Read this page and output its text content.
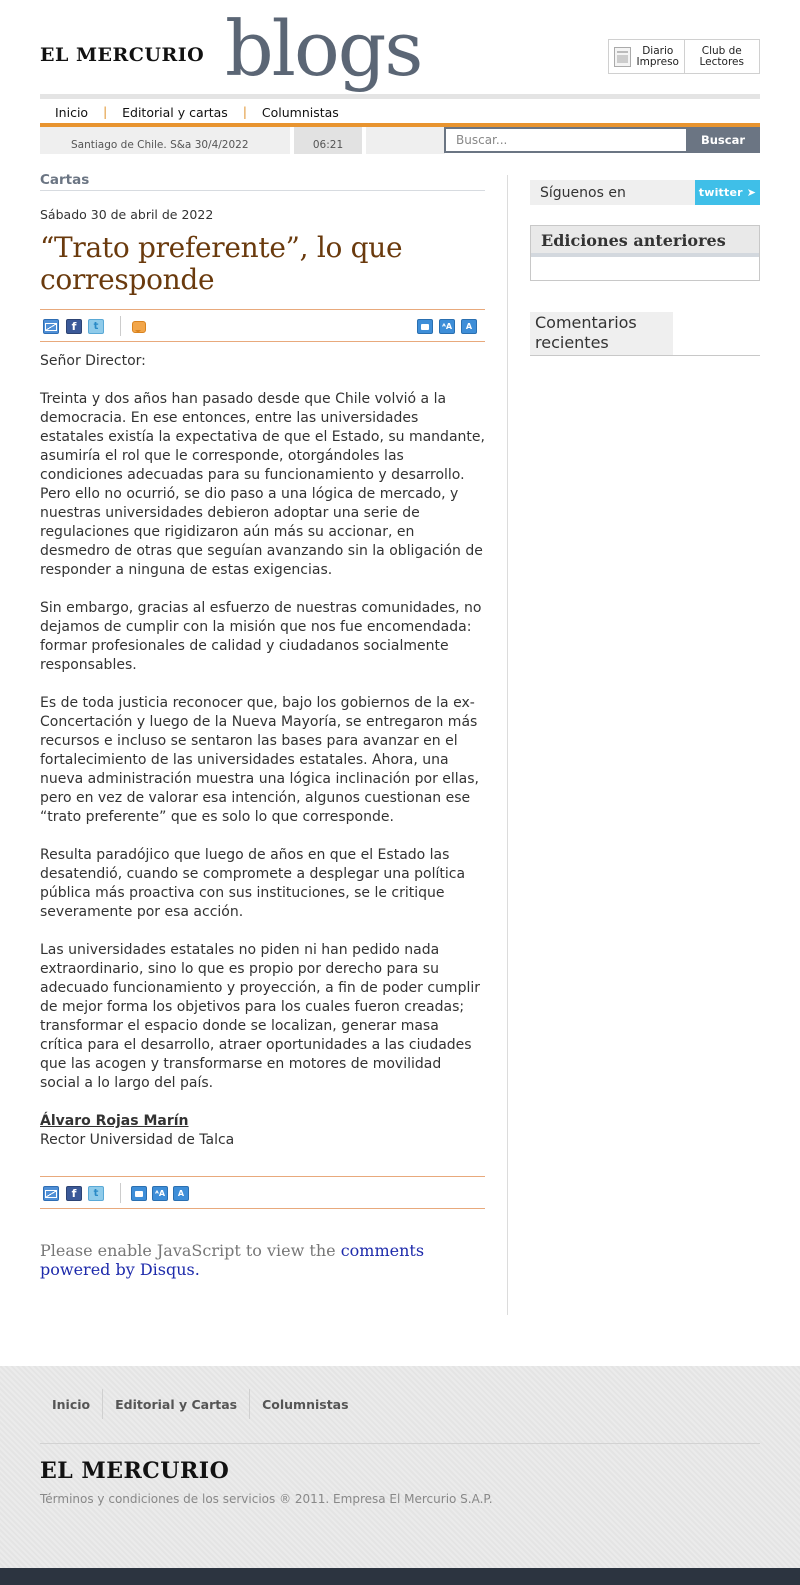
EL MERCURIO blogs	Diario
Impreso
Club de
Lectores
Inicio	|	Editorial y cartas	|	Columnistas
Santiago de Chile. S&a 30/4/2022	06:21
Buscar...	Buscar
Cartas
Sábado 30 de abril de 2022
“Trato preferente”, lo que corresponde
f	t	ᴬA	A

Señor Director:

Treinta y dos años han pasado desde que Chile volvió a la democracia. En ese entonces, entre las universidades estatales existía la expectativa de que el Estado, su mandante, asumiría el rol que le corresponde, otorgándoles las condiciones adecuadas para su funcionamiento y desarrollo. Pero ello no ocurrió, se dio paso a una lógica de mercado, y nuestras universidades debieron adoptar una serie de regulaciones que rigidizaron aún más su accionar, en desmedro de otras que seguían avanzando sin la obligación de responder a ninguna de estas exigencias.

Sin embargo, gracias al esfuerzo de nuestras comunidades, no dejamos de cumplir con la misión que nos fue encomendada: formar profesionales de calidad y ciudadanos socialmente responsables.

Es de toda justicia reconocer que, bajo los gobiernos de la ex-Concertación y luego de la Nueva Mayoría, se entregaron más recursos e incluso se sentaron las bases para avanzar en el fortalecimiento de las universidades estatales. Ahora, una nueva administración muestra una lógica inclinación por ellas, pero en vez de valorar esa intención, algunos cuestionan ese “trato preferente” que es solo lo que corresponde.

Resulta paradójico que luego de años en que el Estado las desatendió, cuando se compromete a desplegar una política pública más proactiva con sus instituciones, se le critique severamente por esa acción.

Las universidades estatales no piden ni han pedido nada extraordinario, sino lo que es propio por derecho para su adecuado funcionamiento y proyección, a fin de poder cumplir de mejor forma los objetivos para los cuales fueron creadas; transformar el espacio donde se localizan, generar masa crítica para el desarrollo, atraer oportunidades a las ciudades que las acogen y transformarse en motores de movilidad social a lo largo del país.

Álvaro Rojas Marín
Rector Universidad de Talca
f	t	ᴬA	A
Please enable JavaScript to view the comments powered by Disqus.
Síguenos en	twitter
➤
Ediciones anteriores
Comentarios recientes
Inicio	Editorial y Cartas	Columnistas
EL MERCURIO
Términos y condiciones de los servicios ® 2011. Empresa El Mercurio S.A.P.
